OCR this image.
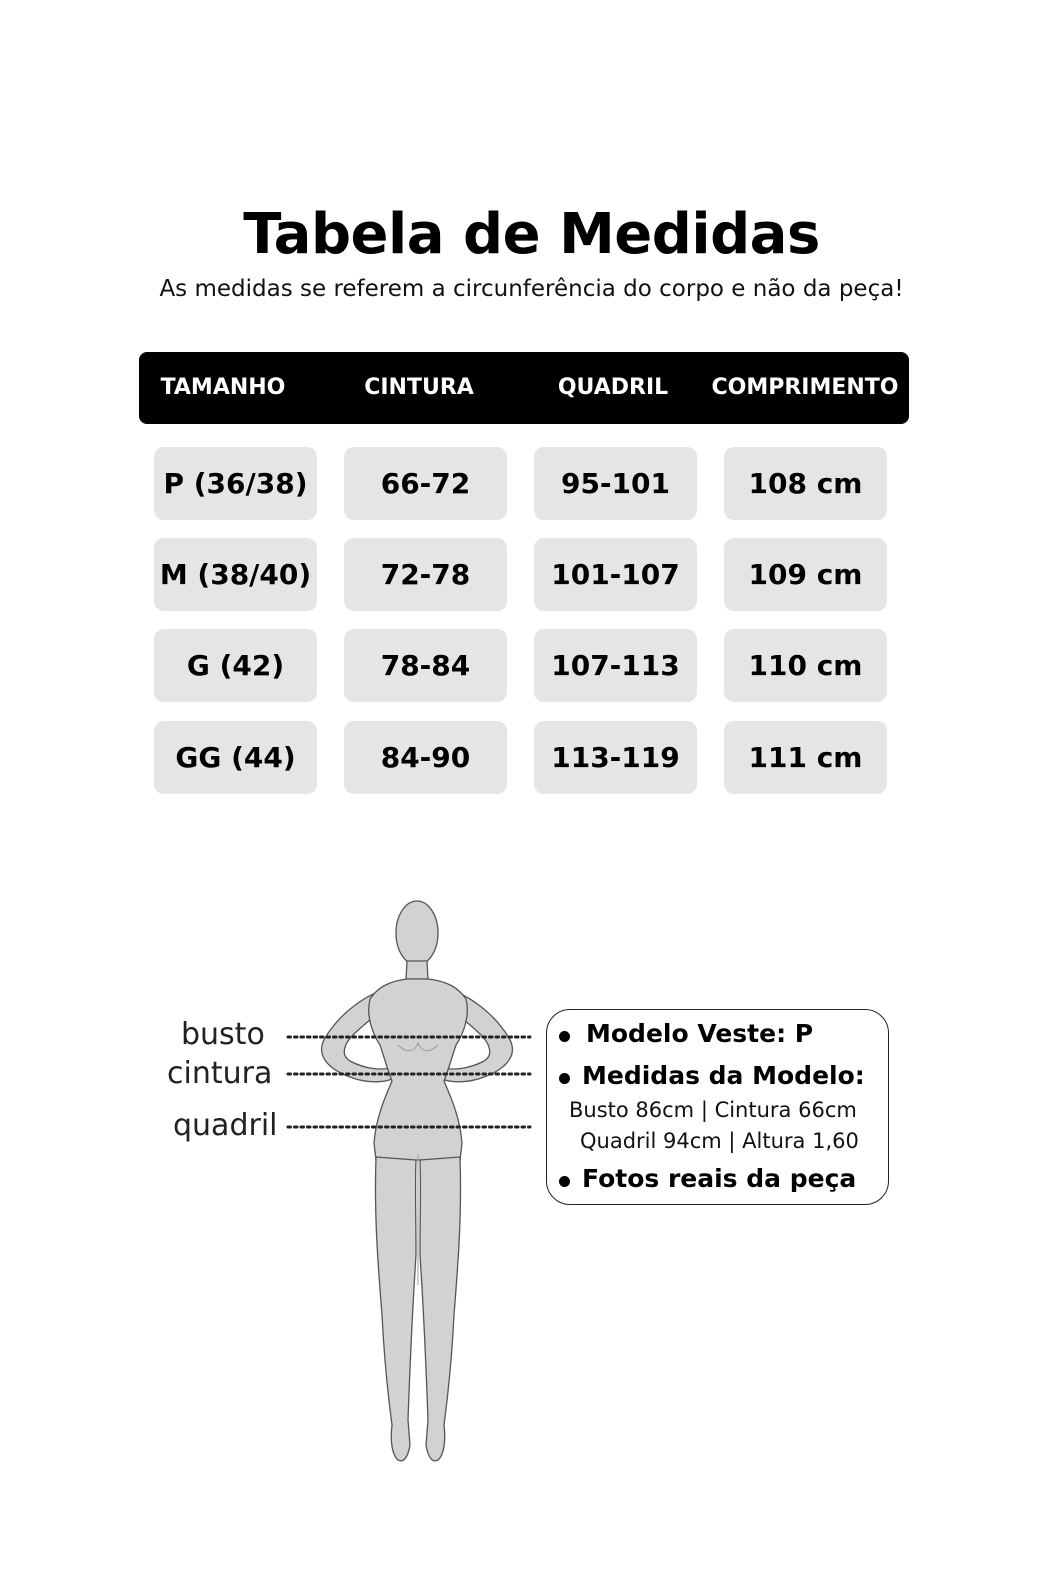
Tabela de Medidas
As medidas se referem a circunferência do corpo e não da peça!
TAMANHO	CINTURA	QUADRIL	COMPRIMENTO
P (36/38)	66-72	95-101	108 cm
M (38/40)	72-78	101-107	109 cm
G (42)	78-84	107-113	110 cm
GG (44)	84-90	113-119	111 cm
busto
cintura
quadril
Modelo Veste: P
Medidas da Modelo:
Busto 86cm | Cintura 66cm
Quadril 94cm | Altura 1,60
Fotos reais da peça
